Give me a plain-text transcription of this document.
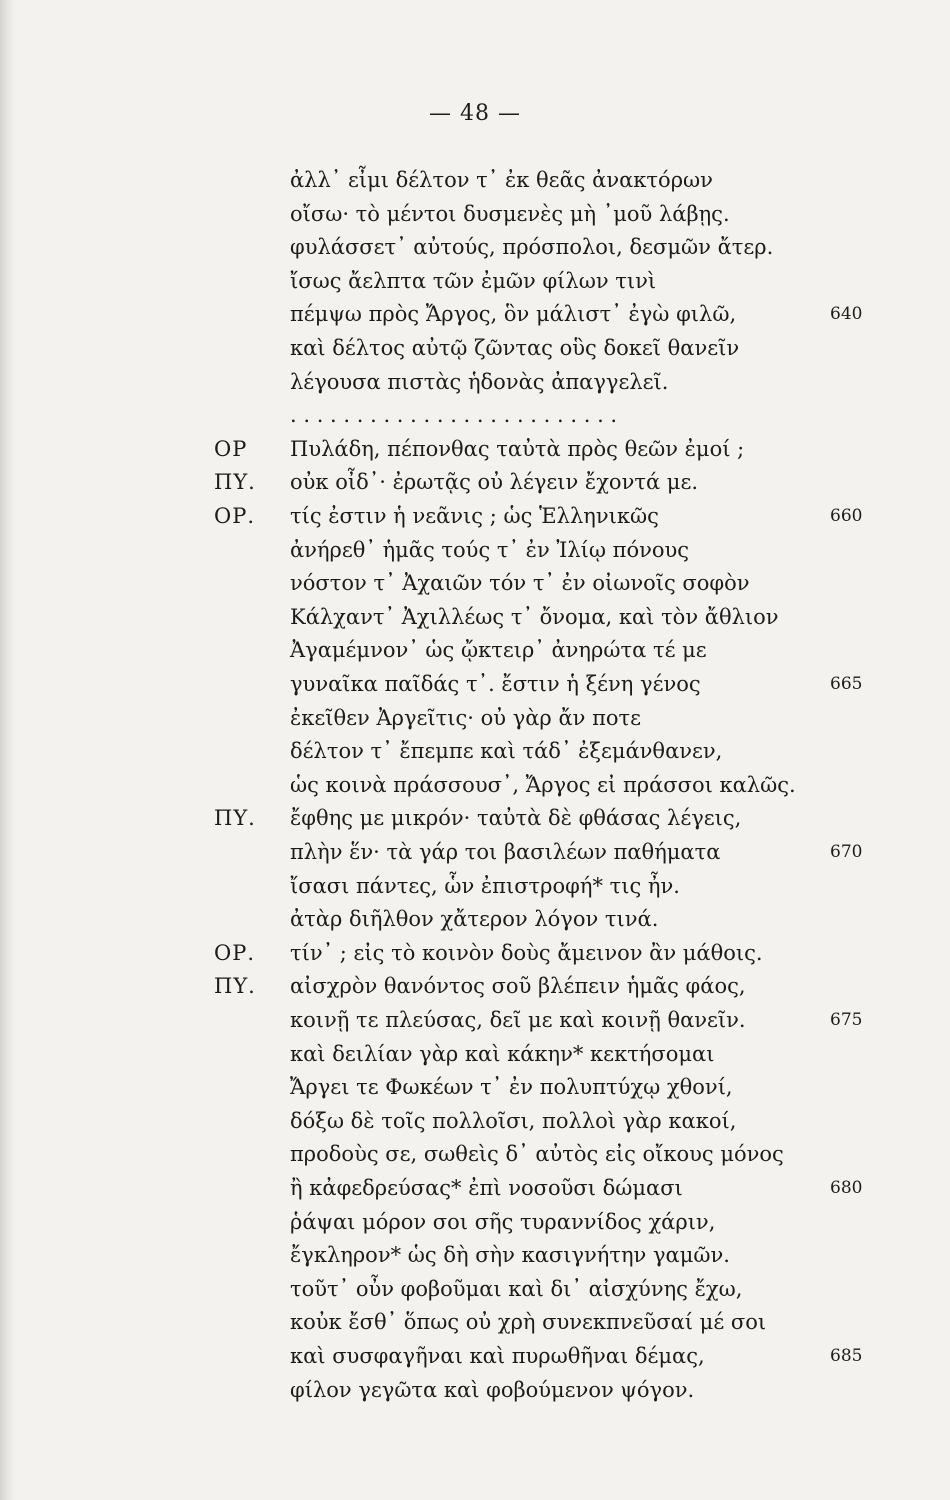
— 48 —
ἀλλ᾽ εἶμι δέλτον τ᾽ ἐκ θεᾶς ἀνακτόρων
οἴσω· τὸ μέντοι δυσμενὲς μὴ ᾽μοῦ λάβῃς.
φυλάσσετ᾽ αὐτούς, πρόσπολοι, δεσμῶν ἄτερ.
ἴσως ἄελπτα τῶν ἐμῶν φίλων τινὶ
πέμψω πρὸς Ἄργος, ὃν μάλιστ᾽ ἐγὼ φιλῶ,	640
καὶ δέλτος αὐτῷ ζῶντας οὓς δοκεῖ θανεῖν
λέγουσα πιστὰς ἡδονὰς ἀπαγγελεῖ.
. . . . . . . . . . . . . . . . . . . . . . . . .
ΟΡ Πυλάδη, πέπονθας ταὐτὰ πρὸς θεῶν ἐμοί ;
ΠΥ. οὐκ οἶδ᾽· ἐρωτᾷς οὐ λέγειν ἔχοντά με.
ΟΡ. τίς ἐστιν ἡ νεᾶνις ; ὡς Ἑλληνικῶς	660
ἀνήρεθ᾽ ἡμᾶς τούς τ᾽ ἐν Ἰλίῳ πόνους
νόστον τ᾽ Ἀχαιῶν τόν τ᾽ ἐν οἰωνοῖς σοφὸν
Κάλχαντ᾽ Ἀχιλλέως τ᾽ ὄνομα, καὶ τὸν ἄθλιον
Ἀγαμέμνον᾽ ὡς ᾤκτειρ᾽ ἀνηρώτα τέ με
γυναῖκα παῖδάς τ᾽. ἔστιν ἡ ξένη γένος	665
ἐκεῖθεν Ἀργεῖτις· οὐ γὰρ ἄν ποτε
δέλτον τ᾽ ἔπεμπε καὶ τάδ᾽ ἐξεμάνθανεν,
ὡς κοινὰ πράσσουσ᾽, Ἄργος εἰ πράσσοι καλῶς.
ΠΥ. ἔφθης με μικρόν· ταὐτὰ δὲ φθάσας λέγεις,
πλὴν ἕν· τὰ γάρ τοι βασιλέων παθήματα	670
ἴσασι πάντες, ὧν ἐπιστροφή* τις ἦν.
ἀτὰρ διῆλθον χἄτερον λόγον τινά.
ΟΡ. τίν᾽ ; εἰς τὸ κοινὸν δοὺς ἄμεινον ἂν μάθοις.
ΠΥ. αἰσχρὸν θανόντος σοῦ βλέπειν ἡμᾶς φάος,
κοινῇ τε πλεύσας, δεῖ με καὶ κοινῇ θανεῖν.	675
καὶ δειλίαν γὰρ καὶ κάκην* κεκτήσομαι
Ἄργει τε Φωκέων τ᾽ ἐν πολυπτύχῳ χθονί,
δόξω δὲ τοῖς πολλοῖσι, πολλοὶ γὰρ κακοί,
προδοὺς σε, σωθεὶς δ᾽ αὐτὸς εἰς οἴκους μόνος
ἢ κἀφεδρεύσας* ἐπὶ νοσοῦσι δώμασι	680
ῥάψαι μόρον σοι σῆς τυραννίδος χάριν,
ἔγκληρον* ὡς δὴ σὴν κασιγνήτην γαμῶν.
τοῦτ᾽ οὖν φοβοῦμαι καὶ δι᾽ αἰσχύνης ἔχω,
κοὐκ ἔσθ᾽ ὅπως οὐ χρὴ συνεκπνεῦσαί μέ σοι
καὶ συσφαγῆναι καὶ πυρωθῆναι δέμας,	685
φίλον γεγῶτα καὶ φοβούμενον ψόγον.
